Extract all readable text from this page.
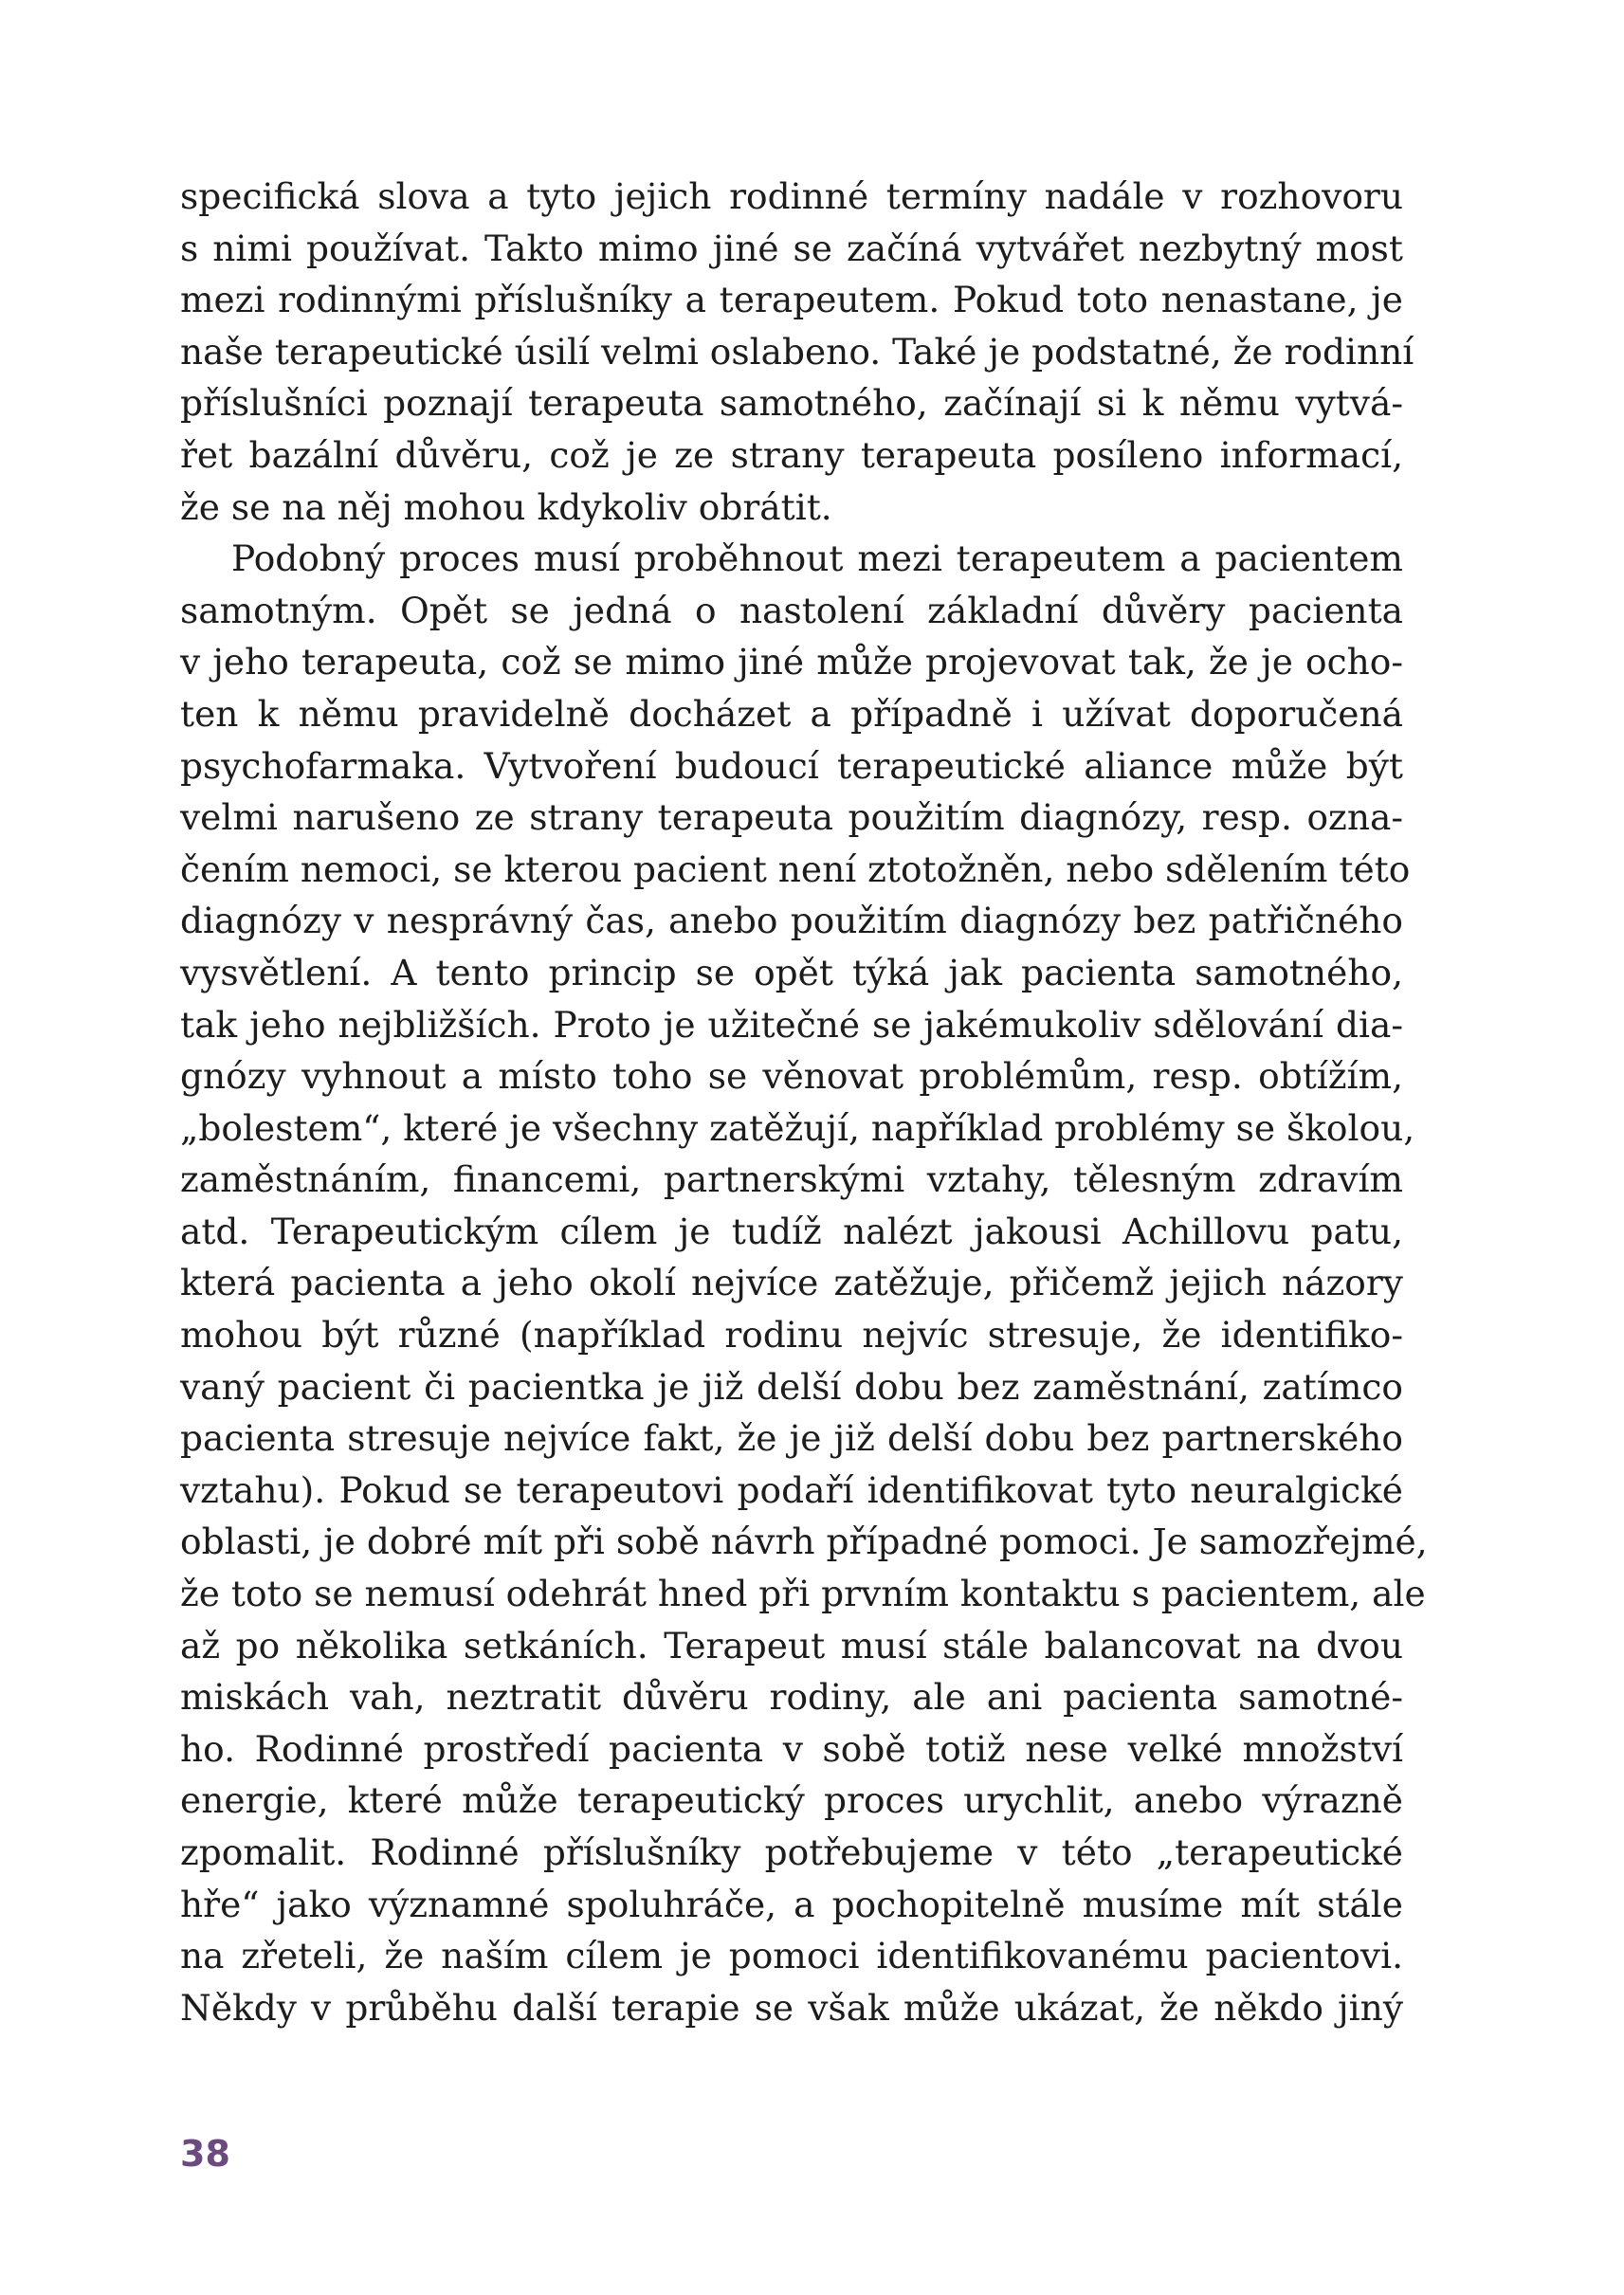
specifická slova a tyto jejich rodinné termíny nadále v rozhovoru
s nimi používat. Takto mimo jiné se začíná vytvářet nezbytný most
mezi rodinnými příslušníky a terapeutem. Pokud toto nenastane, je
naše terapeutické úsilí velmi oslabeno. Také je podstatné, že rodinní
příslušníci poznají terapeuta samotného, začínají si k němu vytvá-
řet bazální důvěru, což je ze strany terapeuta posíleno informací,
že se na něj mohou kdykoliv obrátit.
Podobný proces musí proběhnout mezi terapeutem a pacientem
samotným. Opět se jedná o nastolení základní důvěry pacienta
v jeho terapeuta, což se mimo jiné může projevovat tak, že je ocho-
ten k němu pravidelně docházet a případně i užívat doporučená
psychofarmaka. Vytvoření budoucí terapeutické aliance může být
velmi narušeno ze strany terapeuta použitím diagnózy, resp. ozna-
čením nemoci, se kterou pacient není ztotožněn, nebo sdělením této
diagnózy v nesprávný čas, anebo použitím diagnózy bez patřičného
vysvětlení. A tento princip se opět týká jak pacienta samotného,
tak jeho nejbližších. Proto je užitečné se jakémukoliv sdělování dia-
gnózy vyhnout a místo toho se věnovat problémům, resp. obtížím,
„bolestem“, které je všechny zatěžují, například problémy se školou,
zaměstnáním, financemi, partnerskými vztahy, tělesným zdravím
atd. Terapeutickým cílem je tudíž nalézt jakousi Achillovu patu,
která pacienta a jeho okolí nejvíce zatěžuje, přičemž jejich názory
mohou být různé (například rodinu nejvíc stresuje, že identifiko-
vaný pacient či pacientka je již delší dobu bez zaměstnání, zatímco
pacienta stresuje nejvíce fakt, že je již delší dobu bez partnerského
vztahu). Pokud se terapeutovi podaří identifikovat tyto neuralgické
oblasti, je dobré mít při sobě návrh případné pomoci. Je samozřejmé,
že toto se nemusí odehrát hned při prvním kontaktu s pacientem, ale
až po několika setkáních. Terapeut musí stále balancovat na dvou
miskách vah, neztratit důvěru rodiny, ale ani pacienta samotné-
ho. Rodinné prostředí pacienta v sobě totiž nese velké množství
energie, které může terapeutický proces urychlit, anebo výrazně
zpomalit. Rodinné příslušníky potřebujeme v této „terapeutické
hře“ jako významné spoluhráče, a pochopitelně musíme mít stále
na zřeteli, že naším cílem je pomoci identifikovanému pacientovi.
Někdy v průběhu další terapie se však může ukázat, že někdo jiný
38
